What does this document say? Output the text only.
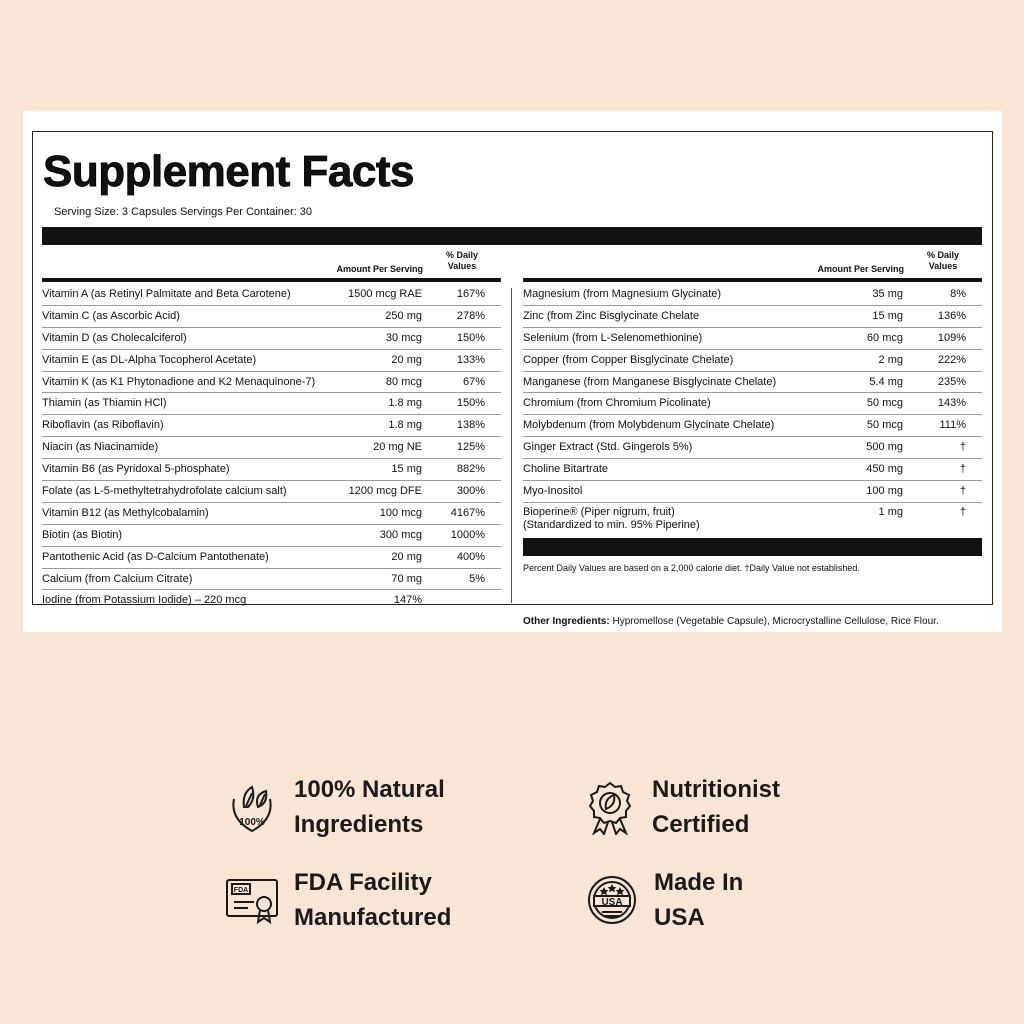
Supplement Facts
Serving Size: 3 Capsules Servings Per Container: 30
Amount Per Serving
% Daily
Values
Vitamin A (as Retinyl Palmitate and Beta Carotene)	1500 mcg RAE	167%
Vitamin C (as Ascorbic Acid)	250 mg	278%
Vitamin D (as Cholecalciferol)	30 mcg	150%
Vitamin E (as DL-Alpha Tocopherol Acetate)	20 mg	133%
Vitamin K (as K1 Phytonadione and K2 Menaquinone-7)	80 mcg	67%
Thiamin (as Thiamin HCl)	1.8 mg	150%
Riboflavin (as Riboflavin)	1.8 mg	138%
Niacin (as Niacinamide)	20 mg NE	125%
Vitamin B6 (as Pyridoxal 5-phosphate)	15 mg	882%
Folate (as L-5-methyltetrahydrofolate calcium salt)	1200 mcg DFE	300%
Vitamin B12 (as Methylcobalamin)	100 mcg	4167%
Biotin (as Biotin)	300 mcg	1000%
Pantothenic Acid (as D-Calcium Pantothenate)	20 mg	400%
Calcium (from Calcium Citrate)	70 mg	5%
Iodine (from Potassium Iodide) – 220 mcg	147%
Amount Per Serving
% Daily
Values
Magnesium (from Magnesium Glycinate)	35 mg	8%
Zinc (from Zinc Bisglycinate Chelate	15 mg	136%
Selenium (from L-Selenomethionine)	60 mcg	109%
Copper (from Copper Bisglycinate Chelate)	2 mg	222%
Manganese (from Manganese Bisglycinate Chelate)	5.4 mg	235%
Chromium (from Chromium Picolinate)	50 mcg	143%
Molybdenum (from Molybdenum Glycinate Chelate)	50 mcg	111%
Ginger Extract (Std. Gingerols 5%)	500 mg	†
Choline Bitartrate	450 mg	†
Myo-Inositol	100 mg	†
Bioperine® (Piper nigrum, fruit)
(Standardized to min. 95% Piperine)
1 mg	†
Percent Daily Values are based on a 2,000 calorie diet. †Daily Value not established.
Other Ingredients: Hypromellose (Vegetable Capsule), Microcrystalline Cellulose, Rice Flour.
100%
100% Natural
Ingredients
Nutritionist
Certified
FDA FDA Facility
Manufactured
USA
Made In
USA
